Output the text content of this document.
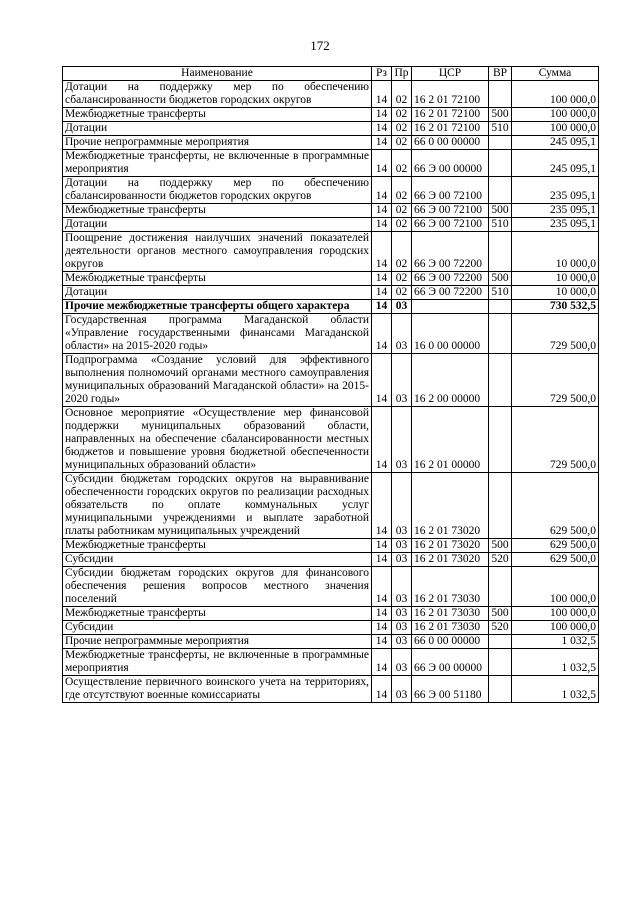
172
Наименование	Рз	Пр	ЦСР	ВР	Сумма
Дотации на поддержку мер по обеспечению сбалансированности бюджетов городских округов	14	02	16 2 01 72100		100 000,0
Межбюджетные трансферты	14	02	16 2 01 72100	500	100 000,0
Дотации	14	02	16 2 01 72100	510	100 000,0
Прочие непрограммные мероприятия	14	02	66 0 00 00000		245 095,1
Межбюджетные трансферты, не включенные в программные мероприятия	14	02	66 Э 00 00000		245 095,1
Дотации на поддержку мер по обеспечению сбалансированности бюджетов городских округов	14	02	66 Э 00 72100		235 095,1
Межбюджетные трансферты	14	02	66 Э 00 72100	500	235 095,1
Дотации	14	02	66 Э 00 72100	510	235 095,1
Поощрение достижения наилучших значений показателей деятельности органов местного самоуправления городских округов	14	02	66 Э 00 72200		10 000,0
Межбюджетные трансферты	14	02	66 Э 00 72200	500	10 000,0
Дотации	14	02	66 Э 00 72200	510	10 000,0
Прочие межбюджетные трансферты общего характера	14	03			730 532,5
Государственная программа Магаданской области «Управление государственными финансами Магаданской области» на 2015-2020 годы»	14	03	16 0 00 00000		729 500,0
Подпрограмма «Создание условий для эффективного выполнения полномочий органами местного самоуправления муниципальных образований Магаданской области» на 2015-2020 годы»	14	03	16 2 00 00000		729 500,0
Основное мероприятие «Осуществление мер финансовой поддержки муниципальных образований области, направленных на обеспечение сбалансированности местных бюджетов и повышение уровня бюджетной обеспеченности муниципальных образований области»	14	03	16 2 01 00000		729 500,0
Субсидии бюджетам городских округов на выравнивание обеспеченности городских округов по реализации расходных обязательств по оплате коммунальных услуг муниципальными учреждениями и выплате заработной платы работникам муниципальных учреждений	14	03	16 2 01 73020		629 500,0
Межбюджетные трансферты	14	03	16 2 01 73020	500	629 500,0
Субсидии	14	03	16 2 01 73020	520	629 500,0
Субсидии бюджетам городских округов для финансового обеспечения решения вопросов местного значения поселений	14	03	16 2 01 73030		100 000,0
Межбюджетные трансферты	14	03	16 2 01 73030	500	100 000,0
Субсидии	14	03	16 2 01 73030	520	100 000,0
Прочие непрограммные мероприятия	14	03	66 0 00 00000		1 032,5
Межбюджетные трансферты, не включенные в программные мероприятия	14	03	66 Э 00 00000		1 032,5
Осуществление первичного воинского учета на территориях, где отсутствуют военные комиссариаты	14	03	66 Э 00 51180		1 032,5
